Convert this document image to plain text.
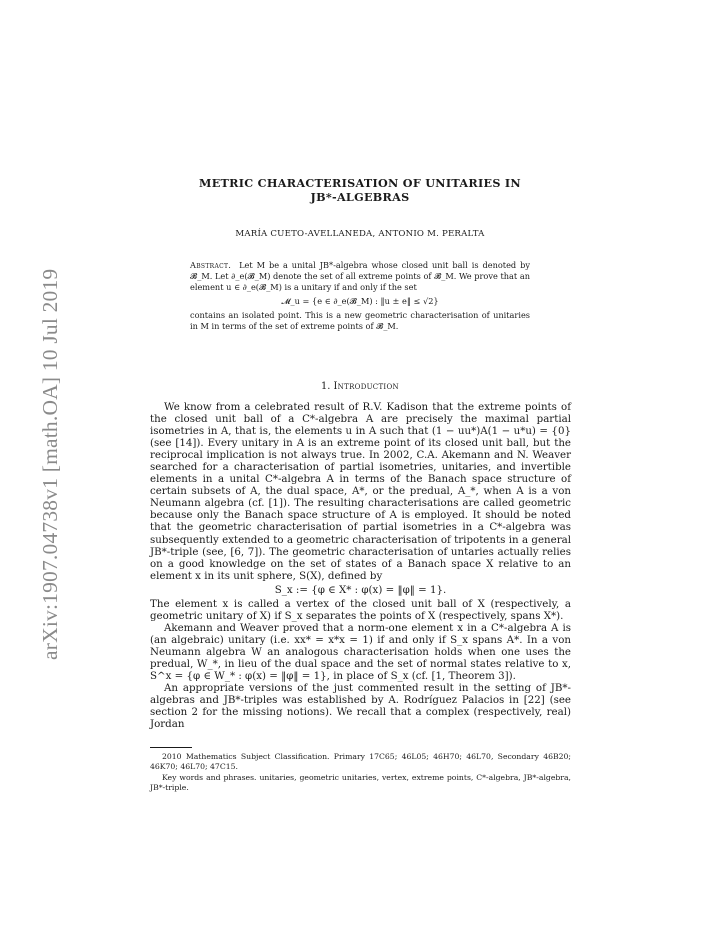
arXiv:1907.04738v1 [math.OA] 10 Jul 2019
METRIC CHARACTERISATION OF UNITARIES IN
JB*-ALGEBRAS
MARÍA CUETO-AVELLANEDA, ANTONIO M. PERALTA
Abstract. Let M be a unital JB*-algebra whose closed unit ball is denoted by 𝓑_M. Let ∂_e(𝓑_M) denote the set of all extreme points of 𝓑_M. We prove that an element u ∈ ∂_e(𝓑_M) is a unitary if and only if the set
𝓜_u = {e ∈ ∂_e(𝓑_M) : ‖u ± e‖ ≤ √2}
contains an isolated point. This is a new geometric characterisation of unitaries in M in terms of the set of extreme points of 𝓑_M.
1. Introduction

We know from a celebrated result of R.V. Kadison that the extreme points of the closed unit ball of a C*-algebra A are precisely the maximal partial isometries in A, that is, the elements u in A such that (1 − uu*)A(1 − u*u) = {0} (see [14]). Every unitary in A is an extreme point of its closed unit ball, but the reciprocal implication is not always true. In 2002, C.A. Akemann and N. Weaver searched for a characterisation of partial isometries, unitaries, and invertible elements in a unital C*-algebra A in terms of the Banach space structure of certain subsets of A, the dual space, A*, or the predual, A_*, when A is a von Neumann algebra (cf. [1]). The resulting characterisations are called geometric because only the Banach space structure of A is employed. It should be noted that the geometric characterisation of partial isometries in a C*-algebra was subsequently extended to a geometric characterisation of tripotents in a general JB*-triple (see, [6, 7]). The geometric characterisation of untaries actually relies on a good knowledge on the set of states of a Banach space X relative to an element x in its unit sphere, S(X), defined by

S_x := {φ ∈ X* : φ(x) = ‖φ‖ = 1}.

The element x is called a vertex of the closed unit ball of X (respectively, a geometric unitary of X) if S_x separates the points of X (respectively, spans X*).

Akemann and Weaver proved that a norm-one element x in a C*-algebra A is (an algebraic) unitary (i.e. xx* = x*x = 1) if and only if S_x spans A*. In a von Neumann algebra W an analogous characterisation holds when one uses the predual, W_*, in lieu of the dual space and the set of normal states relative to x, S^x = {φ ∈ W_* : φ(x) = ‖φ‖ = 1}, in place of S_x (cf. [1, Theorem 3]).

An appropriate versions of the just commented result in the setting of JB*-algebras and JB*-triples was established by A. Rodríguez Palacios in [22] (see section 2 for the missing notions). We recall that a complex (respectively, real) Jordan

2010 Mathematics Subject Classification. Primary 17C65; 46L05; 46H70; 46L70, Secondary 46B20; 46K70; 46L70; 47C15.

Key words and phrases. unitaries, geometric unitaries, vertex, extreme points, C*-algebra, JB*-algebra, JB*-triple.
